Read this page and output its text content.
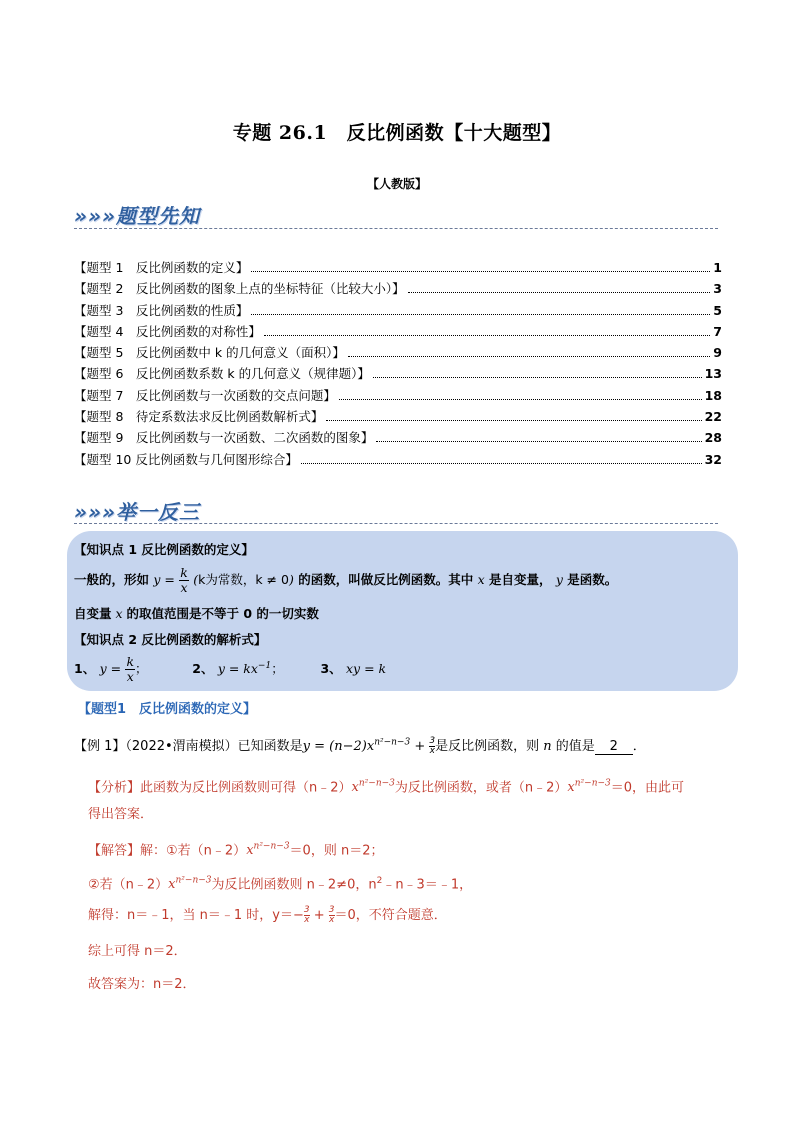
专题 26.1　反比例函数【十大题型】
【人教版】
»»»题型先知
【题型 1　反比例函数的定义】	1
【题型 2　反比例函数的图象上点的坐标特征（比较大小）】	3
【题型 3　反比例函数的性质】	5
【题型 4　反比例函数的对称性】	7
【题型 5　反比例函数中 k 的几何意义（面积）】	9
【题型 6　反比例函数系数 k 的几何意义（规律题）】	13
【题型 7　反比例函数与一次函数的交点问题】	18
【题型 8　待定系数法求反比例函数解析式】	22
【题型 9　反比例函数与一次函数、二次函数的图象】	28
【题型 10 反比例函数与几何图形综合】	32
»»»举一反三
【知识点 1 反比例函数的定义】
一般的，形如 $y = \frac{k}{x} (k$为常数，k ≠ 0) 的函数，叫做反比例函数。其中 x 是自变量， y 是函数。
自变量 x 的取值范围是不等于 0 的一切实数
【知识点 2 反比例函数的解析式】
1、 $y = \frac{k}{x}$ ；	2、 $y = kx^{-1}$；	3、 xy = k
【题型1　反比例函数的定义】
【例 1】（2022•渭南模拟）已知函数是$y = (n-2)x^{n^2-n-3} + \frac{3}{x}$是反比例函数，则 n 的值是 2 ．
【分析】此函数为反比例函数则可得$(n﹣2)x^{n^2-n-3}$为反比例函数，或者$(n﹣2)x^{n^2-n-3}=0$，由此可
得出答案．
【解答】解：①若$(n﹣2)x^{n^2-n-3}=0$，则 n＝2；
②若$(n﹣2)x^{n^2-n-3}$为反比例函数则 n﹣2≠0，$n^2﹣n﹣3=﹣1$，
解得：n＝﹣1，当 n＝﹣1 时，$y=- \frac{3}{x} + \frac{3}{x}=0$，不符合题意．
综上可得 n＝2．
故答案为：n＝2．
